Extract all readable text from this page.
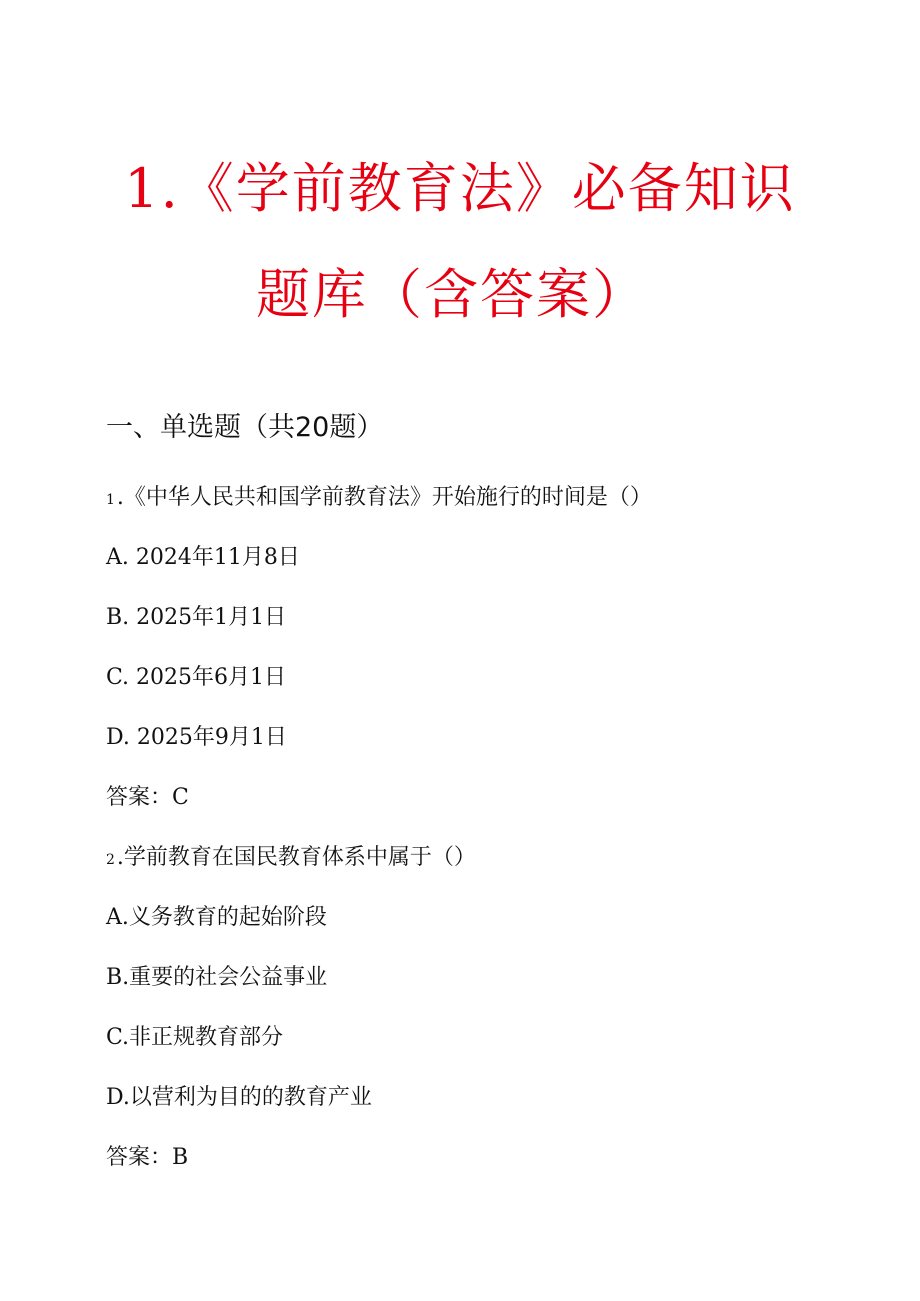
1.《学前教育法》必备知识
题库（含答案）
一、单选题（共20题）
1.《中华人民共和国学前教育法》开始施行的时间是（）
A. 2024年11月8日
B. 2025年1月1日
C. 2025年6月1日
D. 2025年9月1日
答案：C
2.学前教育在国民教育体系中属于（）
A.义务教育的起始阶段
B.重要的社会公益事业
C.非正规教育部分
D.以营利为目的的教育产业
答案：B
